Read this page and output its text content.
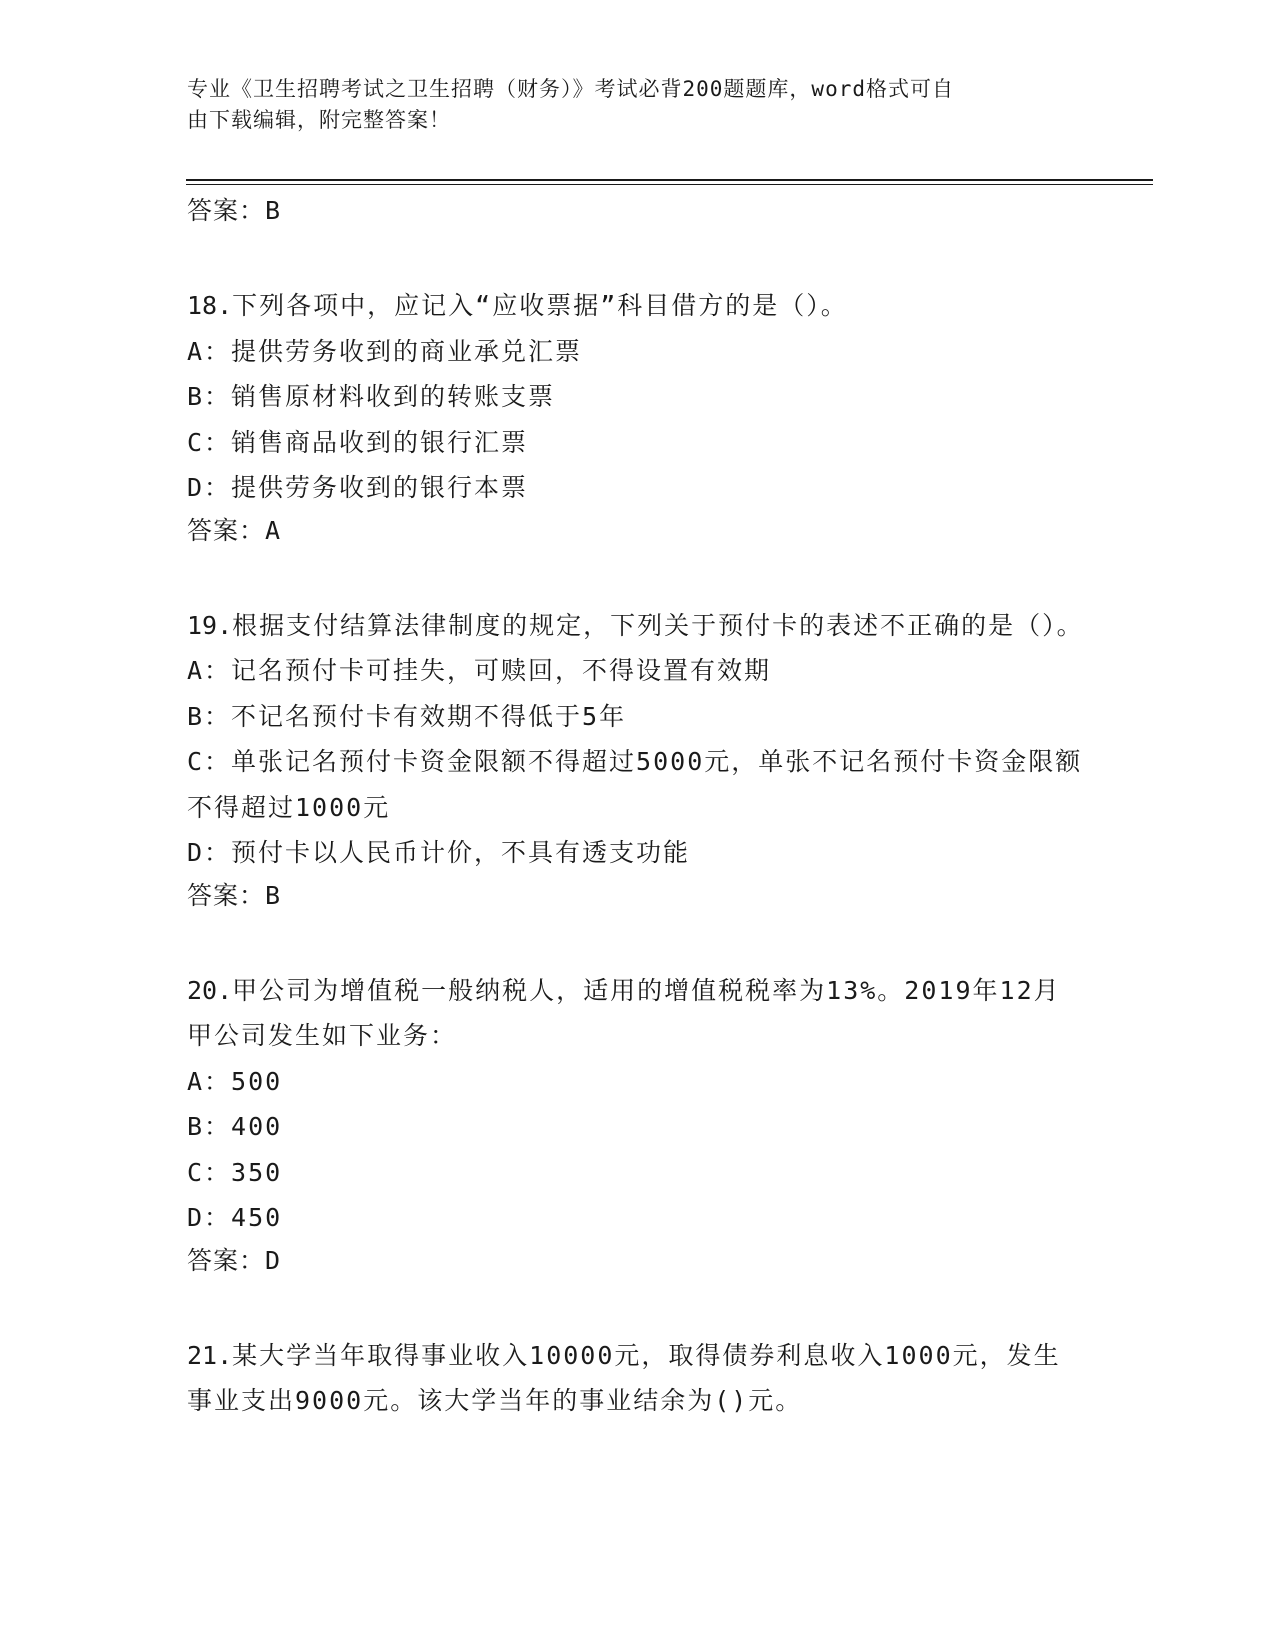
专业《卫生招聘考试之卫生招聘（财务）》考试必背200题题库，word格式可自
由下载编辑，附完整答案！
答案：B
18.下列各项中，应记入“应收票据”科目借方的是（）。
A：提供劳务收到的商业承兑汇票
B：销售原材料收到的转账支票
C：销售商品收到的银行汇票
D：提供劳务收到的银行本票
答案：A
19.根据支付结算法律制度的规定，下列关于预付卡的表述不正确的是（）。
A：记名预付卡可挂失，可赎回，不得设置有效期
B：不记名预付卡有效期不得低于5年
C：单张记名预付卡资金限额不得超过5000元，单张不记名预付卡资金限额不得超过1000元
D：预付卡以人民币计价，不具有透支功能
答案：B
20.甲公司为增值税一般纳税人，适用的增值税税率为13%。2019年12月甲公司发生如下业务：
A：500
B：400
C：350
D：450
答案：D
21.某大学当年取得事业收入10000元，取得债券利息收入1000元，发生事业支出9000元。该大学当年的事业结余为()元。
